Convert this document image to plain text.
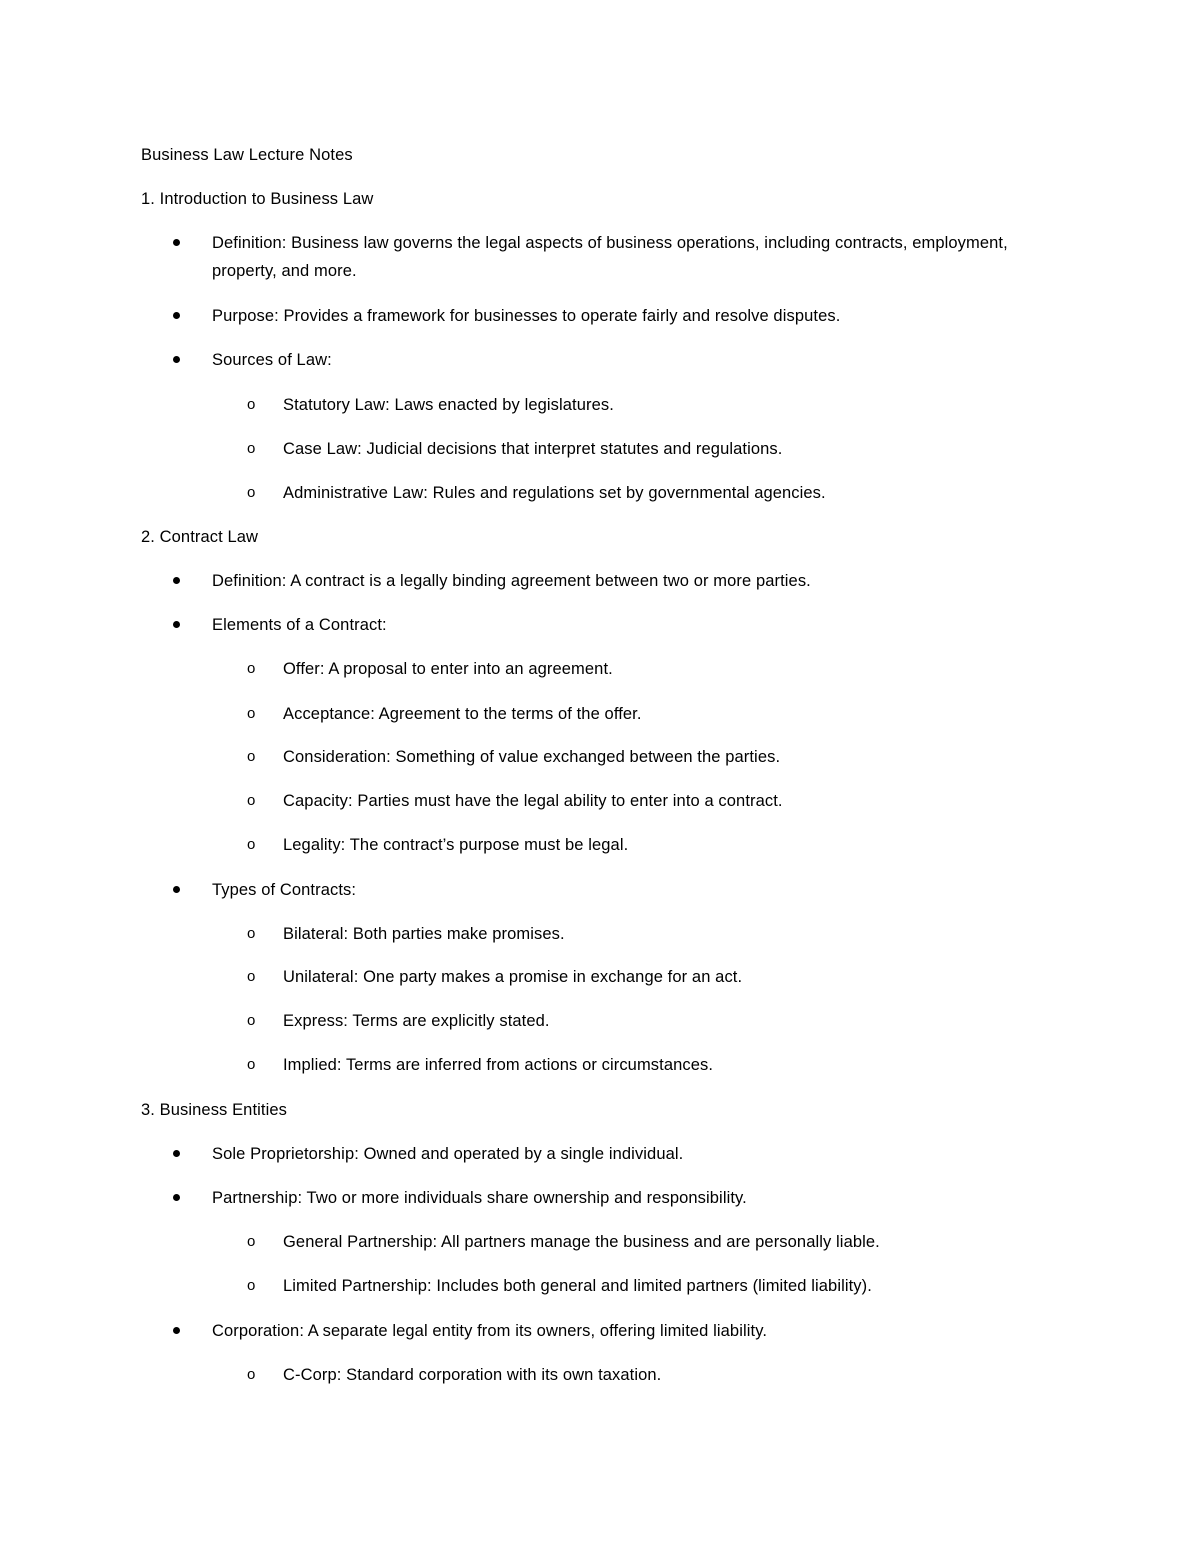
Business Law Lecture Notes
1. Introduction to Business Law
Definition: Business law governs the legal aspects of business operations, including contracts, employment, property, and more.
Purpose: Provides a framework for businesses to operate fairly and resolve disputes.
Sources of Law:
o Statutory Law: Laws enacted by legislatures.
o Case Law: Judicial decisions that interpret statutes and regulations.
o Administrative Law: Rules and regulations set by governmental agencies.
2. Contract Law
Definition: A contract is a legally binding agreement between two or more parties.
Elements of a Contract:
o Offer: A proposal to enter into an agreement.
o Acceptance: Agreement to the terms of the offer.
o Consideration: Something of value exchanged between the parties.
o Capacity: Parties must have the legal ability to enter into a contract.
o Legality: The contract’s purpose must be legal.
Types of Contracts:
o Bilateral: Both parties make promises.
o Unilateral: One party makes a promise in exchange for an act.
o Express: Terms are explicitly stated.
o Implied: Terms are inferred from actions or circumstances.
3. Business Entities
Sole Proprietorship: Owned and operated by a single individual.
Partnership: Two or more individuals share ownership and responsibility.
o General Partnership: All partners manage the business and are personally liable.
o Limited Partnership: Includes both general and limited partners (limited liability).
Corporation: A separate legal entity from its owners, offering limited liability.
o C-Corp: Standard corporation with its own taxation.
